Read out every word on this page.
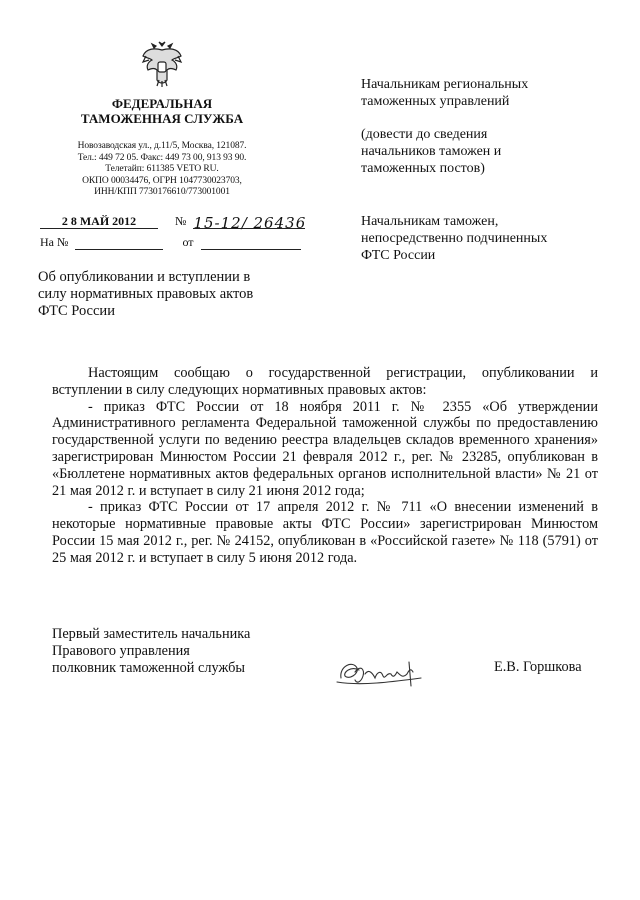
ФЕДЕРАЛЬНАЯ
ТАМОЖЕННАЯ СЛУЖБА
Новозаводская ул., д.11/5, Москва, 121087.
Тел.: 449 72 05. Факс: 449 73 00, 913 93 90.
Телетайп: 611385 VETO RU.
ОКПО 00034476, ОГРН 1047730023703,
ИНН/КПП 7730176610/773001001
2 8 МАЙ 2012	№ 15-12/ 26436
На №	от
Начальникам региональных
таможенных управлений
(довести до сведения
начальников таможен и
таможенных постов)
Начальникам таможен,
непосредственно подчиненных
ФТС России
Об опубликовании и вступлении в
силу нормативных правовых актов
ФТС России

Настоящим сообщаю о государственной регистрации, опубликовании и вступлении в силу следующих нормативных правовых актов:

- приказ ФТС России от 18 ноября 2011 г. № 2355 «Об утверждении Административного регламента Федеральной таможенной службы по предоставлению государственной услуги по ведению реестра владельцев складов временного хранения» зарегистрирован Минюстом России 21 февраля 2012 г., рег. № 23285, опубликован в «Бюллетене нормативных актов федеральных органов исполнительной власти» № 21 от 21 мая 2012 г. и вступает в силу 21 июня 2012 года;

- приказ ФТС России от 17 апреля 2012 г. № 711 «О внесении изменений в некоторые нормативные правовые акты ФТС России» зарегистрирован Минюстом России 15 мая 2012 г., рег. № 24152, опубликован в «Российской газете» № 118 (5791) от 25 мая 2012 г. и вступает в силу 5 июня 2012 года.

Первый заместитель начальника
Правового управления
полковник таможенной службы	Е.В. Горшкова
